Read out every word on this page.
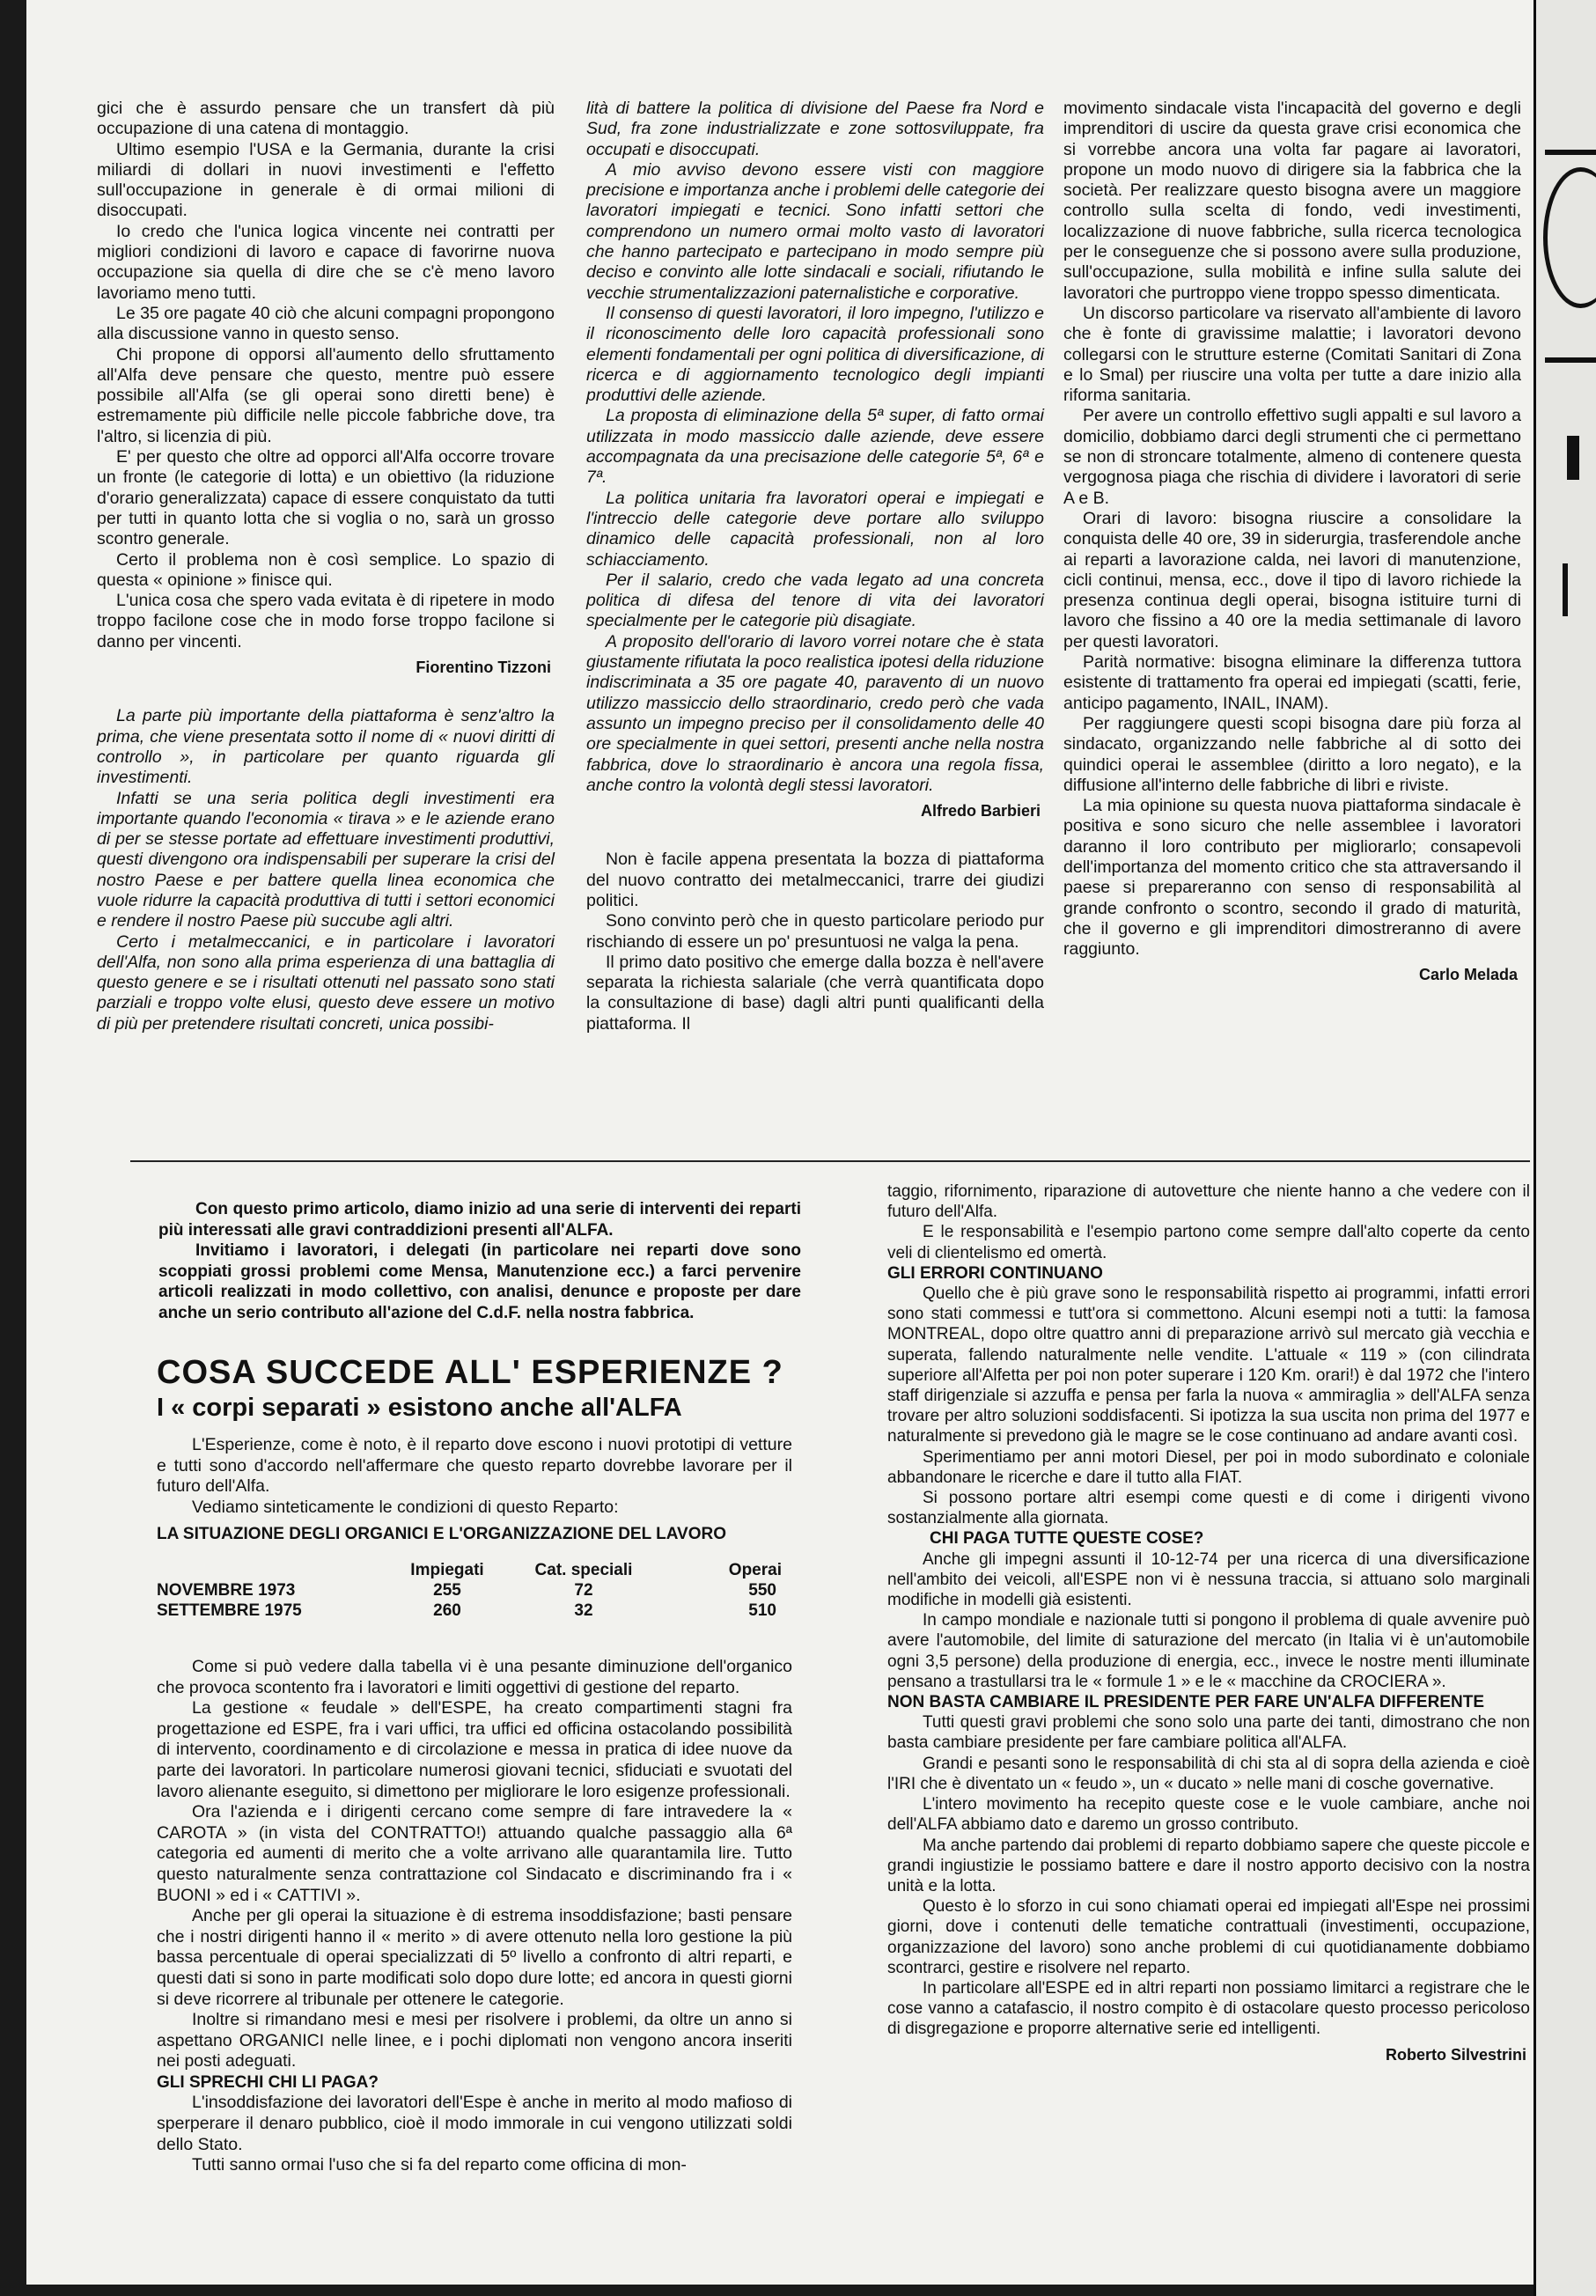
gici che è assurdo pensare che un transfert dà più occupazione di una catena di montaggio.

Ultimo esempio l'USA e la Germania, durante la crisi miliardi di dollari in nuovi investimenti e l'effetto sull'occupazione in generale è di ormai milioni di disoccupati.

Io credo che l'unica logica vincente nei contratti per migliori condizioni di lavoro e capace di favorirne nuova occupazione sia quella di dire che se c'è meno lavoro lavoriamo meno tutti.

Le 35 ore pagate 40 ciò che alcuni compagni propongono alla discussione vanno in questo senso.

Chi propone di opporsi all'aumento dello sfruttamento all'Alfa deve pensare che questo, mentre può essere possibile all'Alfa (se gli operai sono diretti bene) è estremamente più difficile nelle piccole fabbriche dove, tra l'altro, si licenzia di più.

E' per questo che oltre ad opporci all'Alfa occorre trovare un fronte (le categorie di lotta) e un obiettivo (la riduzione d'orario generalizzata) capace di essere conquistato da tutti per tutti in quanto lotta che si voglia o no, sarà un grosso scontro generale.

Certo il problema non è così semplice. Lo spazio di questa « opinione » finisce qui.

L'unica cosa che spero vada evitata è di ripetere in modo troppo facilone cose che in modo forse troppo facilone si danno per vincenti.

Fiorentino Tizzoni

La parte più importante della piattaforma è senz'altro la prima, che viene presentata sotto il nome di « nuovi diritti di controllo », in particolare per quanto riguarda gli investimenti.

Infatti se una seria politica degli investimenti era importante quando l'economia « tirava » e le aziende erano di per se stesse portate ad effettuare investimenti produttivi, questi divengono ora indispensabili per superare la crisi del nostro Paese e per battere quella linea economica che vuole ridurre la capacità produttiva di tutti i settori economici e rendere il nostro Paese più succube agli altri.

Certo i metalmeccanici, e in particolare i lavoratori dell'Alfa, non sono alla prima esperienza di una battaglia di questo genere e se i risultati ottenuti nel passato sono stati parziali e troppo volte elusi, questo deve essere un motivo di più per pretendere risultati concreti, unica possibi-

lità di battere la politica di divisione del Paese fra Nord e Sud, fra zone industrializzate e zone sottosviluppate, fra occupati e disoccupati.

A mio avviso devono essere visti con maggiore precisione e importanza anche i problemi delle categorie dei lavoratori impiegati e tecnici. Sono infatti settori che comprendono un numero ormai molto vasto di lavoratori che hanno partecipato e partecipano in modo sempre più deciso e convinto alle lotte sindacali e sociali, rifiutando le vecchie strumentalizzazioni paternalistiche e corporative.

Il consenso di questi lavoratori, il loro impegno, l'utilizzo e il riconoscimento delle loro capacità professionali sono elementi fondamentali per ogni politica di diversificazione, di ricerca e di aggiornamento tecnologico degli impianti produttivi delle aziende.

La proposta di eliminazione della 5ª super, di fatto ormai utilizzata in modo massiccio dalle aziende, deve essere accompagnata da una precisazione delle categorie 5ª, 6ª e 7ª.

La politica unitaria fra lavoratori operai e impiegati e l'intreccio delle categorie deve portare allo sviluppo dinamico delle capacità professionali, non al loro schiacciamento.

Per il salario, credo che vada legato ad una concreta politica di difesa del tenore di vita dei lavoratori specialmente per le categorie più disagiate.

A proposito dell'orario di lavoro vorrei notare che è stata giustamente rifiutata la poco realistica ipotesi della riduzione indiscriminata a 35 ore pagate 40, paravento di un nuovo utilizzo massiccio dello straordinario, credo però che vada assunto un impegno preciso per il consolidamento delle 40 ore specialmente in quei settori, presenti anche nella nostra fabbrica, dove lo straordinario è ancora una regola fissa, anche contro la volontà degli stessi lavoratori.

Alfredo Barbieri

Non è facile appena presentata la bozza di piattaforma del nuovo contratto dei metalmeccanici, trarre dei giudizi politici.

Sono convinto però che in questo particolare periodo pur rischiando di essere un po' presuntuosi ne valga la pena.

Il primo dato positivo che emerge dalla bozza è nell'avere separata la richiesta salariale (che verrà quantificata dopo la consultazione di base) dagli altri punti qualificanti della piattaforma. Il

movimento sindacale vista l'incapacità del governo e degli imprenditori di uscire da questa grave crisi economica che si vorrebbe ancora una volta far pagare ai lavoratori, propone un modo nuovo di dirigere sia la fabbrica che la società. Per realizzare questo bisogna avere un maggiore controllo sulla scelta di fondo, vedi investimenti, localizzazione di nuove fabbriche, sulla ricerca tecnologica per le conseguenze che si possono avere sulla produzione, sull'occupazione, sulla mobilità e infine sulla salute dei lavoratori che purtroppo viene troppo spesso dimenticata.

Un discorso particolare va riservato all'ambiente di lavoro che è fonte di gravissime malattie; i lavoratori devono collegarsi con le strutture esterne (Comitati Sanitari di Zona e lo Smal) per riuscire una volta per tutte a dare inizio alla riforma sanitaria.

Per avere un controllo effettivo sugli appalti e sul lavoro a domicilio, dobbiamo darci degli strumenti che ci permettano se non di stroncare totalmente, almeno di contenere questa vergognosa piaga che rischia di dividere i lavoratori di serie A e B.

Orari di lavoro: bisogna riuscire a consolidare la conquista delle 40 ore, 39 in siderurgia, trasferendole anche ai reparti a lavorazione calda, nei lavori di manutenzione, cicli continui, mensa, ecc., dove il tipo di lavoro richiede la presenza continua degli operai, bisogna istituire turni di lavoro che fissino a 40 ore la media settimanale di lavoro per questi lavoratori.

Parità normative: bisogna eliminare la differenza tuttora esistente di trattamento fra operai ed impiegati (scatti, ferie, anticipo pagamento, INAIL, INAM).

Per raggiungere questi scopi bisogna dare più forza al sindacato, organizzando nelle fabbriche al di sotto dei quindici operai le assemblee (diritto a loro negato), e la diffusione all'interno delle fabbriche di libri e riviste.

La mia opinione su questa nuova piattaforma sindacale è positiva e sono sicuro che nelle assemblee i lavoratori daranno il loro contributo per migliorarlo; consapevoli dell'importanza del momento critico che sta attraversando il paese si prepareranno con senso di responsabilità al grande confronto o scontro, secondo il grado di maturità, che il governo e gli imprenditori dimostreranno di avere raggiunto.

Carlo Melada

Con questo primo articolo, diamo inizio ad una serie di interventi dei reparti più interessati alle gravi contraddizioni presenti all'ALFA.

Invitiamo i lavoratori, i delegati (in particolare nei reparti dove sono scoppiati grossi problemi come Mensa, Manutenzione ecc.) a farci pervenire articoli realizzati in modo collettivo, con analisi, denunce e proposte per dare anche un serio contributo all'azione del C.d.F. nella nostra fabbrica.

COSA SUCCEDE ALL' ESPERIENZE ?
I « corpi separati » esistono anche all'ALFA

L'Esperienze, come è noto, è il reparto dove escono i nuovi prototipi di vetture e tutti sono d'accordo nell'affermare che questo reparto dovrebbe lavorare per il futuro dell'Alfa.

Vediamo sinteticamente le condizioni di questo Reparto:

LA SITUAZIONE DEGLI ORGANICI E L'ORGANIZZAZIONE DEL LAVORO
	Impiegati	Cat. speciali	Operai
NOVEMBRE 1973	255	72	550
SETTEMBRE 1975	260	32	510

Come si può vedere dalla tabella vi è una pesante diminuzione dell'organico che provoca scontento fra i lavoratori e limiti oggettivi di gestione del reparto.

La gestione « feudale » dell'ESPE, ha creato compartimenti stagni fra progettazione ed ESPE, fra i vari uffici, tra uffici ed officina ostacolando possibilità di intervento, coordinamento e di circolazione e messa in pratica di idee nuove da parte dei lavoratori. In particolare numerosi giovani tecnici, sfiduciati e svuotati del lavoro alienante eseguito, si dimettono per migliorare le loro esigenze professionali.

Ora l'azienda e i dirigenti cercano come sempre di fare intravedere la « CAROTA » (in vista del CONTRATTO!) attuando qualche passaggio alla 6ª categoria ed aumenti di merito che a volte arrivano alle quarantamila lire. Tutto questo naturalmente senza contrattazione col Sindacato e discriminando fra i « BUONI » ed i « CATTIVI ».

Anche per gli operai la situazione è di estrema insoddisfazione; basti pensare che i nostri dirigenti hanno il « merito » di avere ottenuto nella loro gestione la più bassa percentuale di operai specializzati di 5º livello a confronto di altri reparti, e questi dati si sono in parte modificati solo dopo dure lotte; ed ancora in questi giorni si deve ricorrere al tribunale per ottenere le categorie.

Inoltre si rimandano mesi e mesi per risolvere i problemi, da oltre un anno si aspettano ORGANICI nelle linee, e i pochi diplomati non vengono ancora inseriti nei posti adeguati.

GLI SPRECHI CHI LI PAGA?

L'insoddisfazione dei lavoratori dell'Espe è anche in merito al modo mafioso di sperperare il denaro pubblico, cioè il modo immorale in cui vengono utilizzati soldi dello Stato.

Tutti sanno ormai l'uso che si fa del reparto come officina di mon-

taggio, rifornimento, riparazione di autovetture che niente hanno a che vedere con il futuro dell'Alfa.

E le responsabilità e l'esempio partono come sempre dall'alto coperte da cento veli di clientelismo ed omertà.

GLI ERRORI CONTINUANO

Quello che è più grave sono le responsabilità rispetto ai programmi, infatti errori sono stati commessi e tutt'ora si commettono. Alcuni esempi noti a tutti: la famosa MONTREAL, dopo oltre quattro anni di preparazione arrivò sul mercato già vecchia e superata, fallendo naturalmente nelle vendite. L'attuale « 119 » (con cilindrata superiore all'Alfetta per poi non poter superare i 120 Km. orari!) è dal 1972 che l'intero staff dirigenziale si azzuffa e pensa per farla la nuova « ammiraglia » dell'ALFA senza trovare per altro soluzioni soddisfacenti. Si ipotizza la sua uscita non prima del 1977 e naturalmente si prevedono già le magre se le cose continuano ad andare avanti così.

Sperimentiamo per anni motori Diesel, per poi in modo subordinato e coloniale abbandonare le ricerche e dare il tutto alla FIAT.

Si possono portare altri esempi come questi e di come i dirigenti vivono sostanzialmente alla giornata.

CHI PAGA TUTTE QUESTE COSE?

Anche gli impegni assunti il 10-12-74 per una ricerca di una diversificazione nell'ambito dei veicoli, all'ESPE non vi è nessuna traccia, si attuano solo marginali modifiche in modelli già esistenti.

In campo mondiale e nazionale tutti si pongono il problema di quale avvenire può avere l'automobile, del limite di saturazione del mercato (in Italia vi è un'automobile ogni 3,5 persone) della produzione di energia, ecc., invece le nostre menti illuminate pensano a trastullarsi tra le « formule 1 » e le « macchine da CROCIERA ».

NON BASTA CAMBIARE IL PRESIDENTE PER FARE UN'ALFA DIFFERENTE

Tutti questi gravi problemi che sono solo una parte dei tanti, dimostrano che non basta cambiare presidente per fare cambiare politica all'ALFA.

Grandi e pesanti sono le responsabilità di chi sta al di sopra della azienda e cioè l'IRI che è diventato un « feudo », un « ducato » nelle mani di cosche governative.

L'intero movimento ha recepito queste cose e le vuole cambiare, anche noi dell'ALFA abbiamo dato e daremo un grosso contributo.

Ma anche partendo dai problemi di reparto dobbiamo sapere che queste piccole e grandi ingiustizie le possiamo battere e dare il nostro apporto decisivo con la nostra unità e la lotta.

Questo è lo sforzo in cui sono chiamati operai ed impiegati all'Espe nei prossimi giorni, dove i contenuti delle tematiche contrattuali (investimenti, occupazione, organizzazione del lavoro) sono anche problemi di cui quotidianamente dobbiamo scontrarci, gestire e risolvere nel reparto.

In particolare all'ESPE ed in altri reparti non possiamo limitarci a registrare che le cose vanno a catafascio, il nostro compito è di ostacolare questo processo pericoloso di disgregazione e proporre alternative serie ed intelligenti.

Roberto Silvestrini
